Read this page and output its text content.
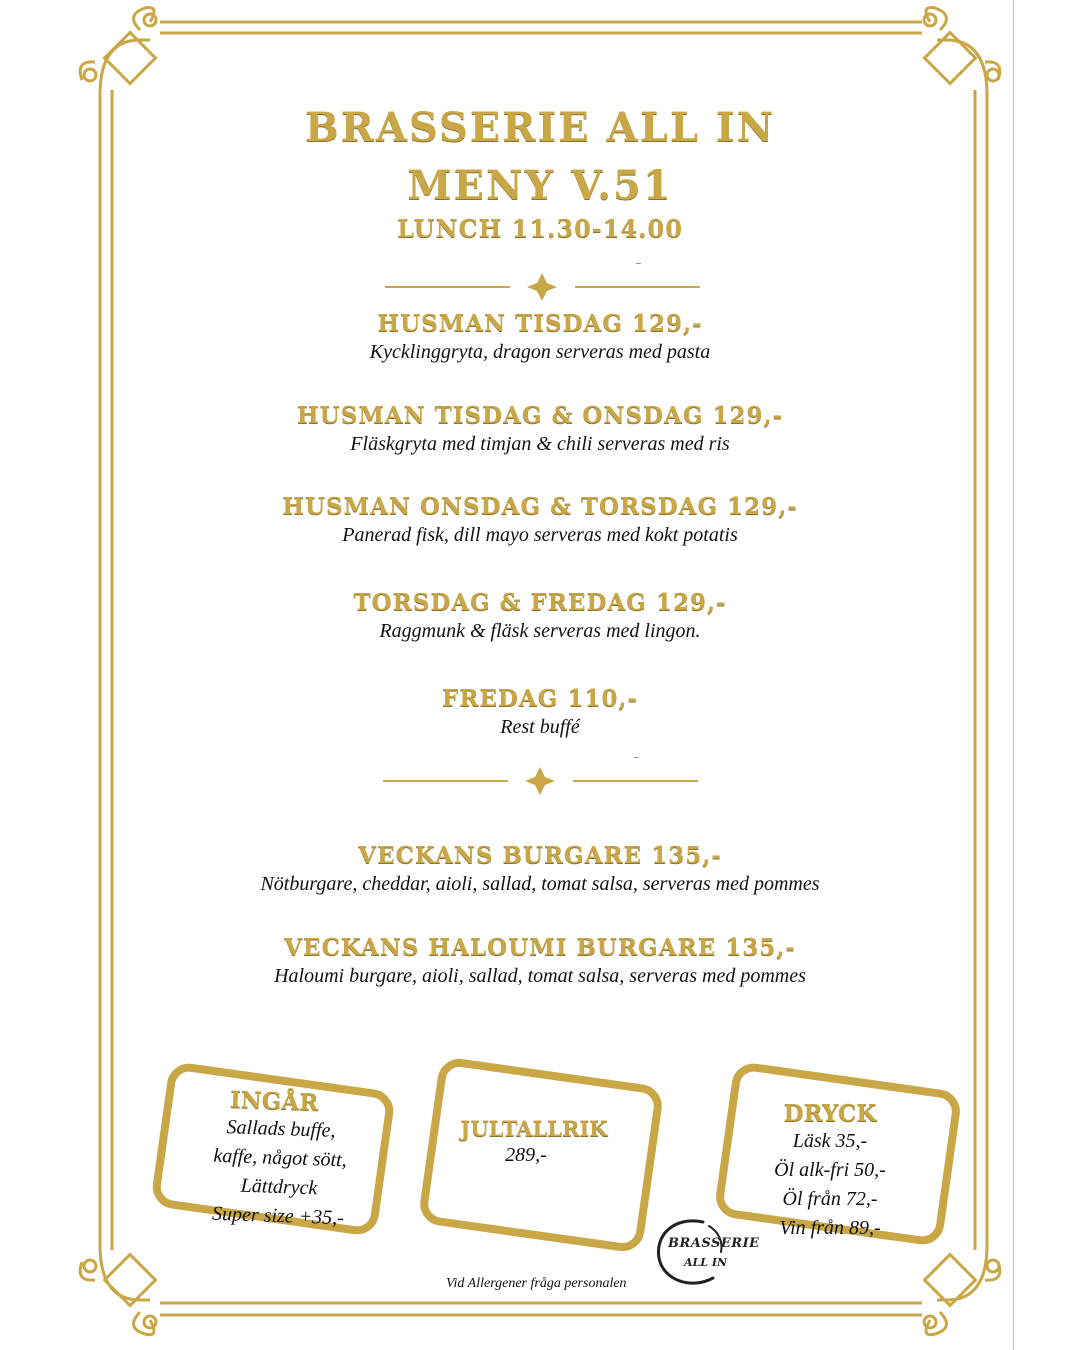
BRASSERIE ALL IN
MENY V.51
LUNCH 11.30-14.00
HUSMAN TISDAG 129,-
Kycklinggryta, dragon serveras med pasta
HUSMAN TISDAG & ONSDAG 129,-
Fläskgryta med timjan & chili serveras med ris
HUSMAN ONSDAG & TORSDAG 129,-
Panerad fisk, dill mayo serveras med kokt potatis
TORSDAG & FREDAG 129,-
Raggmunk & fläsk serveras med lingon.
FREDAG 110,-
Rest buffé
VECKANS BURGARE 135,-
Nötburgare, cheddar, aioli, sallad, tomat salsa, serveras med pommes
VECKANS HALOUMI BURGARE 135,-
Haloumi burgare, aioli, sallad, tomat salsa, serveras med pommes
INGÅR
Sallads buffe,
kaffe, något sött,
Lättdryck
Super size +35,-
JULTALLRIK
289,-
DRYCK
Läsk 35,-
Öl alk-fri 50,-
Öl från 72,-
Vin från 89,-
BRASSERIE
ALL IN
Vid Allergener fråga personalen
